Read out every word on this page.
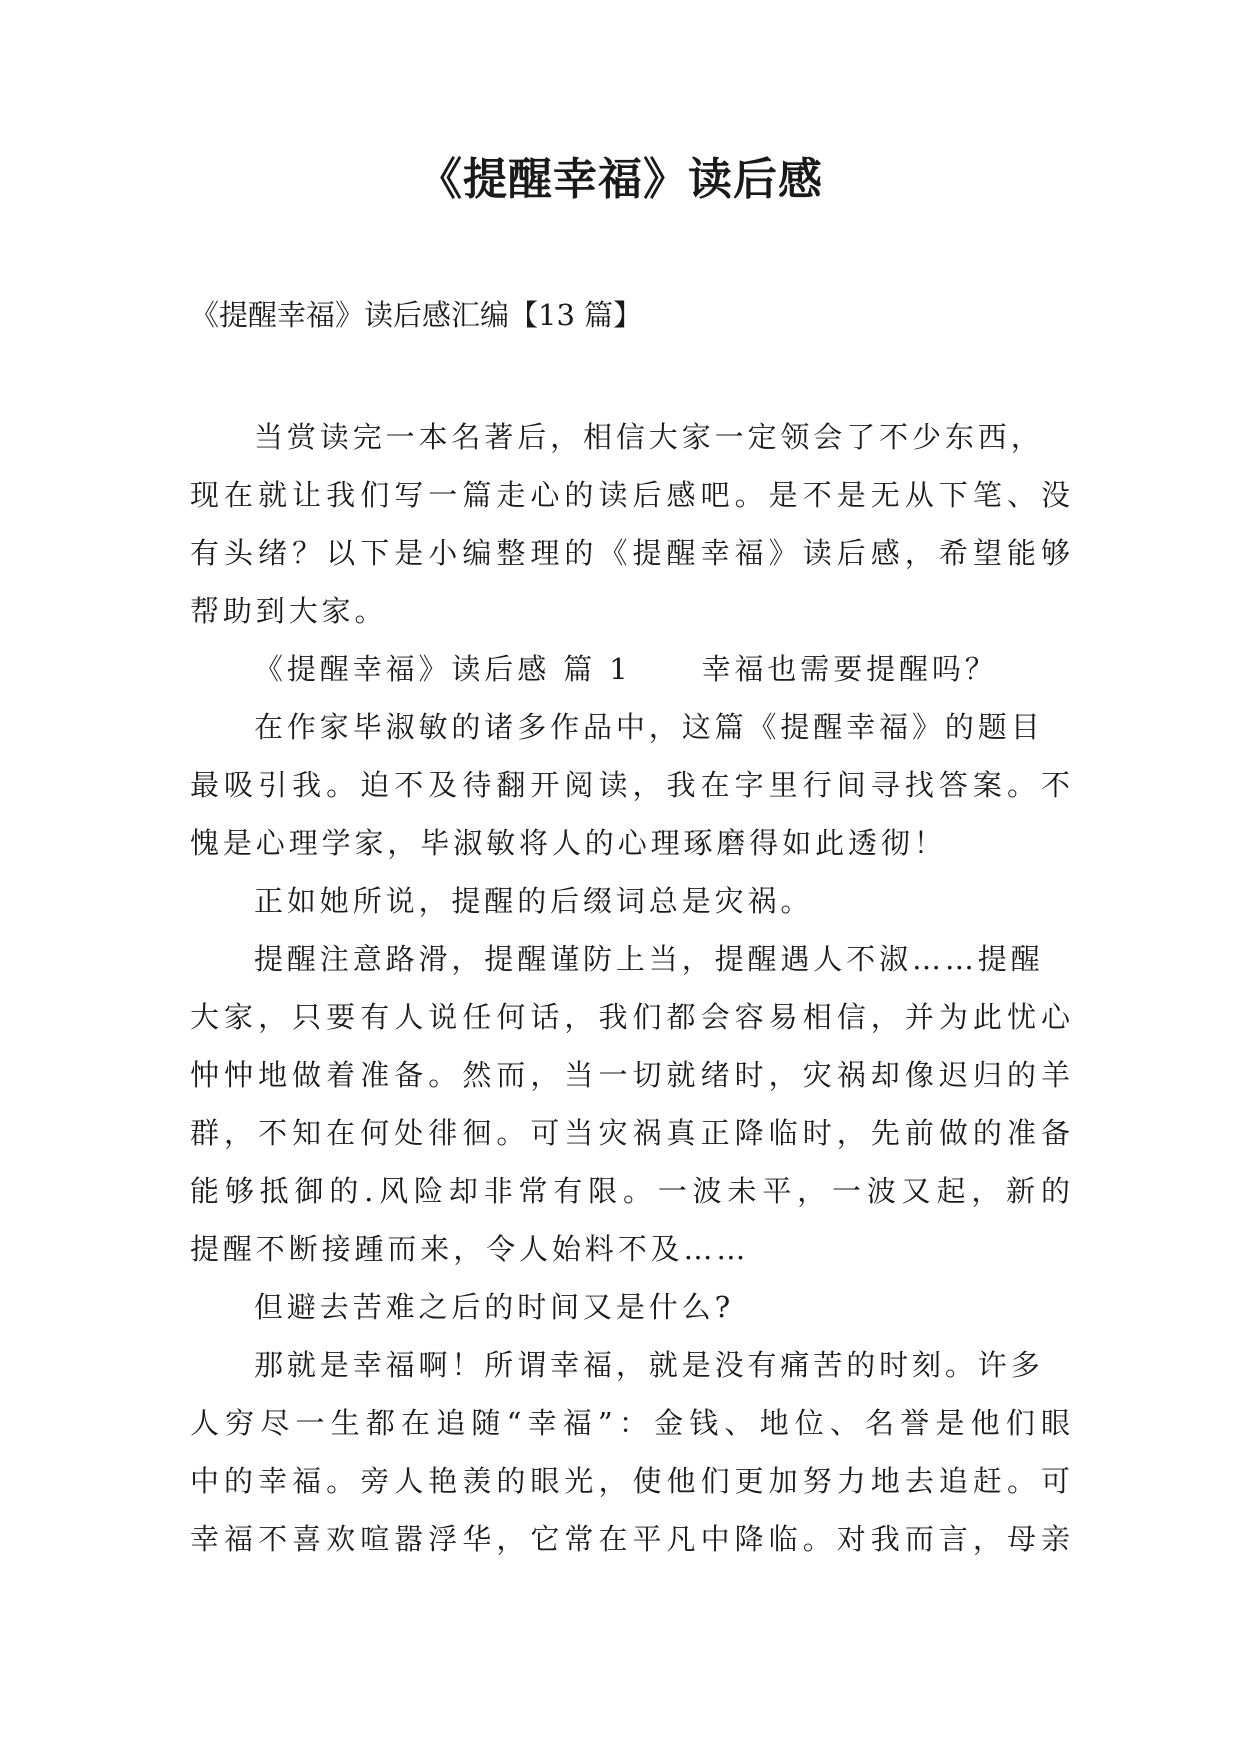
《提醒幸福》读后感

《提醒幸福》读后感汇编【13 篇】

当赏读完一本名著后，相信大家一定领会了不少东西，

现在就让我们写一篇走心的读后感吧。是不是无从下笔、没

有头绪？以下是小编整理的《提醒幸福》读后感，希望能够

帮助到大家。

《提醒幸福》读后感 篇 1 幸福也需要提醒吗？

在作家毕淑敏的诸多作品中，这篇《提醒幸福》的题目

最吸引我。迫不及待翻开阅读，我在字里行间寻找答案。不

愧是心理学家，毕淑敏将人的心理琢磨得如此透彻！

正如她所说，提醒的后缀词总是灾祸。

提醒注意路滑，提醒谨防上当，提醒遇人不淑……提醒

大家，只要有人说任何话，我们都会容易相信，并为此忧心

忡忡地做着准备。然而，当一切就绪时，灾祸却像迟归的羊

群，不知在何处徘徊。可当灾祸真正降临时，先前做的准备

能够抵御的.风险却非常有限。一波未平，一波又起，新的

提醒不断接踵而来，令人始料不及……

但避去苦难之后的时间又是什么?

那就是幸福啊！所谓幸福，就是没有痛苦的时刻。许多

人穷尽一生都在追随“幸福”：金钱、地位、名誉是他们眼

中的幸福。旁人艳羡的眼光，使他们更加努力地去追赶。可

幸福不喜欢喧嚣浮华，它常在平凡中降临。对我而言，母亲
